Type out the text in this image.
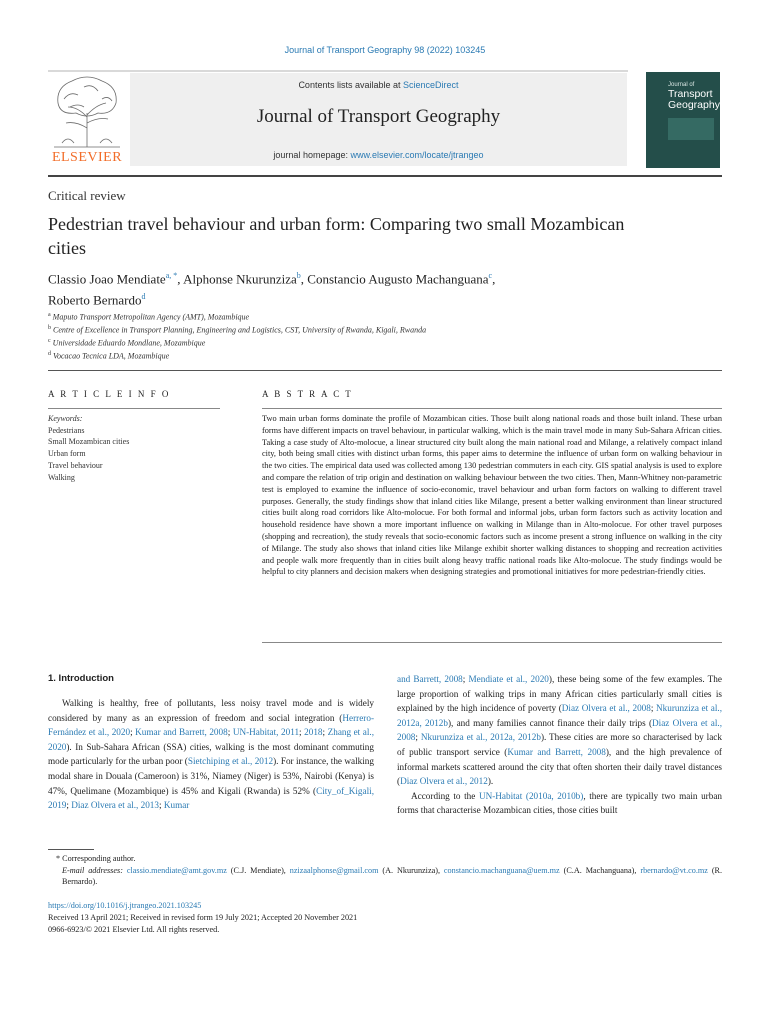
Journal of Transport Geography 98 (2022) 103245
ELSEVIER
Contents lists available at ScienceDirect
Journal of Transport Geography
journal homepage: www.elsevier.com/locate/jtrangeo
Journal of
Transport
Geography
Critical review
Pedestrian travel behaviour and urban form: Comparing two small Mozambican cities
Classio Joao Mendiate$^{a, *}$, Alphonse Nkurunziza$^b$, Constancio Augusto Machanguana$^c$,
Roberto Bernardo$^d$
$^a$ Maputo Transport Metropolitan Agency (AMT), Mozambique
$^b$ Centre of Excellence in Transport Planning, Engineering and Logistics, CST, University of Rwanda, Kigali, Rwanda
$^c$ Universidade Eduardo Mondlane, Mozambique
$^d$ Vocacao Tecnica LDA, Mozambique
A R T I C L E I N F O	A B S T R A C T
Keywords:
Pedestrians
Small Mozambican cities
Urban form
Travel behaviour
Walking
Two main urban forms dominate the profile of Mozambican cities. Those built along national roads and those built inland. These urban forms have different impacts on travel behaviour, in particular walking, which is the main travel mode in many Sub-Sahara African cities. Taking a case study of Alto-molocue, a linear structured city built along the main national road and Milange, a relatively compact inland city, both being small cities with distinct urban forms, this paper aims to determine the influence of urban form on walking behaviour in the two cities. The empirical data used was collected among 130 pedestrian commuters in each city. GIS spatial analysis is used to explore and compare the relation of trip origin and destination on walking behaviour between the two cities. Then, Mann-Whitney non-parametric test is employed to examine the influence of socio-economic, travel behaviour and urban form factors on walking to different travel purposes. Generally, the study findings show that inland cities like Milange, present a better walking environment than linear structured cities built along road corridors like Alto-molocue. For both formal and informal jobs, urban form factors such as activity location and household residence have shown a more important influence on walking in Milange than in Alto-molocue. For other travel purposes (shopping and recreation), the study reveals that socio-economic factors such as income present a strong influence on walking in the city of Milange. The study also shows that inland cities like Milange exhibit shorter walking distances to shopping and recreation activities and people walk more frequently than in cities built along heavy traffic national roads like Alto-molocue. The study findings would be helpful to city planners and decision makers when designing strategies and promotional initiatives for more pedestrian-friendly cities.
1. Introduction

Walking is healthy, free of pollutants, less noisy travel mode and is widely considered by many as an expression of freedom and social integration (Herrero-Fernández et al., 2020; Kumar and Barrett, 2008; UN-Habitat, 2011; 2018; Zhang et al., 2020). In Sub-Sahara African (SSA) cities, walking is the most dominant commuting mode particularly for the urban poor (Sietchiping et al., 2012). For instance, the walking modal share in Douala (Cameroon) is 31%, Niamey (Niger) is 53%, Nairobi (Kenya) is 47%, Quelimane (Mozambique) is 45% and Kigali (Rwanda) is 52% (City_of_Kigali, 2019; Diaz Olvera et al., 2013; Kumar

and Barrett, 2008; Mendiate et al., 2020), these being some of the few examples. The large proportion of walking trips in many African cities particularly small cities is explained by the high incidence of poverty (Diaz Olvera et al., 2008; Nkurunziza et al., 2012a, 2012b), and many families cannot finance their daily trips (Diaz Olvera et al., 2008; Nkurunziza et al., 2012a, 2012b). These cities are more so characterised by lack of public transport service (Kumar and Barrett, 2008), and the high prevalence of informal markets scattered around the city that often shorten their daily travel distances (Diaz Olvera et al., 2012).

According to the UN-Habitat (2010a, 2010b), there are typically two main urban forms that characterise Mozambican cities, those cities built

* Corresponding author.
E-mail addresses: classio.mendiate@amt.gov.mz (C.J. Mendiate), nzizaalphonse@gmail.com (A. Nkurunziza), constancio.machanguana@uem.mz (C.A. Machanguana), rbernardo@vt.co.mz (R. Bernardo).
https://doi.org/10.1016/j.jtrangeo.2021.103245
Received 13 April 2021; Received in revised form 19 July 2021; Accepted 20 November 2021
0966-6923/© 2021 Elsevier Ltd. All rights reserved.
